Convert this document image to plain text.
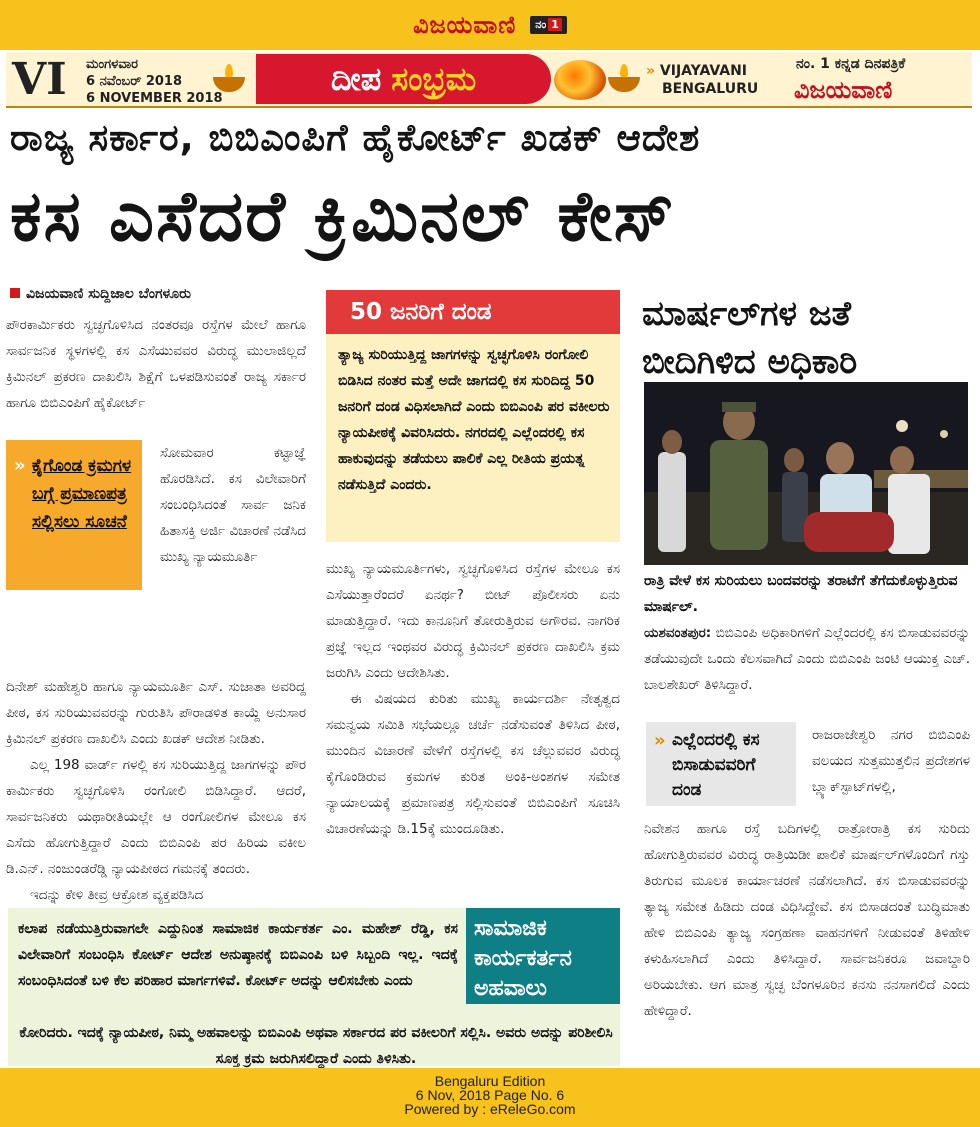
ವಿಜಯವಾಣಿ	ನಂ 1
VI ಮಂಗಳವಾರ
6 ನವೆಂಬರ್ 2018
6 NOVEMBER 2018
ದೀಪ ಸಂಭ್ರಮ	» VIJAYAVANI
BENGALURU
ನಂ. 1 ಕನ್ನಡ ದಿನಪತ್ರಿಕೆ
ವಿಜಯವಾಣಿ
ರಾಜ್ಯ ಸರ್ಕಾರ, ಬಿಬಿಎಂಪಿಗೆ ಹೈಕೋರ್ಟ್ ಖಡಕ್ ಆದೇಶ
ಕಸ ಎಸೆದರೆ ಕ್ರಿಮಿನಲ್ ಕೇಸ್
ವಿಜಯವಾಣಿ ಸುದ್ದಿಜಾಲ ಬೆಂಗಳೂರು
ಪೌರಕಾರ್ಮಿಕರು ಸ್ವಚ್ಛಗೊಳಿಸಿದ ನಂತರವೂ ರಸ್ತೆಗಳ ಮೇಲೆ ಹಾಗೂ ಸಾರ್ವಜನಿಕ ಸ್ಥಳಗಳಲ್ಲಿ ಕಸ ಎಸೆಯುವವರ ವಿರುದ್ಧ ಮುಲಾಜಿಲ್ಲದೆ ಕ್ರಿಮಿನಲ್ ಪ್ರಕರಣ ದಾಖಲಿಸಿ ಶಿಕ್ಷೆಗೆ ಒಳಪಡಿಸುವಂತೆ ರಾಜ್ಯ ಸರ್ಕಾರ ಹಾಗೂ ಬಿಬಿಎಂಪಿಗೆ ಹೈಕೋರ್ಟ್
» ಕೈಗೊಂಡ ಕ್ರಮಗಳ ಬಗ್ಗೆ ಪ್ರಮಾಣಪತ್ರ ಸಲ್ಲಿಸಲು ಸೂಚನೆ
ಸೋಮವಾರ ಕಟ್ಟಾಜ್ಞೆ ಹೊರಡಿಸಿದೆ. ಕಸ ವಿಲೇವಾರಿಗೆ ಸಂಬಂಧಿಸಿದಂತೆ ಸಾರ್ವ ಜನಿಕ ಹಿತಾಸಕ್ತಿ ಅರ್ಜಿ ವಿಚಾರಣೆ ನಡೆಸಿದ ಮುಖ್ಯ ನ್ಯಾಯಮೂರ್ತಿ
ದಿನೇಶ್ ಮಹೇಶ್ವರಿ ಹಾಗೂ ನ್ಯಾಯಮೂರ್ತಿ ಎಸ್. ಸುಜಾತಾ ಅವರಿದ್ದ ಪೀಠ, ಕಸ ಸುರಿಯುವವರನ್ನು ಗುರುತಿಸಿ ಪೌರಾಡಳಿತ ಕಾಯ್ದೆ ಅನುಸಾರ ಕ್ರಿಮಿನಲ್ ಪ್ರಕರಣ ದಾಖಲಿಸಿ ಎಂದು ಖಡಕ್ ಆದೇಶ ನೀಡಿತು.
ಎಲ್ಲ 198 ವಾರ್ಡ್ ಗಳಲ್ಲಿ ಕಸ ಸುರಿಯುತ್ತಿದ್ದ ಜಾಗಗಳನ್ನು ಪೌರ ಕಾರ್ಮಿಕರು ಸ್ವಚ್ಛಗೊಳಿಸಿ ರಂಗೋಲಿ ಬಿಡಿಸಿದ್ದಾರೆ. ಆದರೆ, ಸಾರ್ವಜನಿಕರು ಯಥಾರೀತಿಯಲ್ಲೇ ಆ ರಂಗೋಲಿಗಳ ಮೇಲೂ ಕಸ ಎಸೆದು ಹೋಗುತ್ತಿದ್ದಾರೆ ಎಂದು ಬಿಬಿಎಂಪಿ ಪರ ಹಿರಿಯ ವಕೀಲ ಡಿ.ಎನ್. ನಂಜುಂಡರೆಡ್ಡಿ ನ್ಯಾಯಪೀಠದ ಗಮನಕ್ಕೆ ತಂದರು.
ಇದನ್ನು ಕೇಳಿ ತೀವ್ರ ಆಕ್ರೋಶ ವ್ಯಕ್ತಪಡಿಸಿದ
50 ಜನರಿಗೆ ದಂಡ
ತ್ಯಾಜ್ಯ ಸುರಿಯುತ್ತಿದ್ದ ಜಾಗಗಳನ್ನು ಸ್ವಚ್ಛಗೊಳಿಸಿ ರಂಗೋಲಿ ಬಿಡಿಸಿದ ನಂತರ ಮತ್ತೆ ಅದೇ ಜಾಗದಲ್ಲಿ ಕಸ ಸುರಿದಿದ್ದ 50 ಜನರಿಗೆ ದಂಡ ವಿಧಿಸಲಾಗಿದೆ ಎಂದು ಬಿಬಿಎಂಪಿ ಪರ ವಕೀಲರು ನ್ಯಾಯಪೀಠಕ್ಕೆ ವಿವರಿಸಿದರು. ನಗರದಲ್ಲಿ ಎಲ್ಲೆಂದರಲ್ಲಿ ಕಸ ಹಾಕುವುದನ್ನು ತಡೆಯಲು ಪಾಲಿಕೆ ಎಲ್ಲ ರೀತಿಯ ಪ್ರಯತ್ನ ನಡೆಸುತ್ತಿದೆ ಎಂದರು.
ಮುಖ್ಯ ನ್ಯಾಯಮೂರ್ತಿಗಳು, ಸ್ವಚ್ಛಗೊಳಿಸಿದ ರಸ್ತೆಗಳ ಮೇಲೂ ಕಸ ಎಸೆಯುತ್ತಾರೆಂದರೆ ಏನರ್ಥ? ಬೀಟ್ ಪೊಲೀಸರು ಏನು ಮಾಡುತ್ತಿದ್ದಾರೆ. ಇದು ಕಾನೂನಿಗೆ ತೋರುತ್ತಿರುವ ಅಗೌರವ. ನಾಗರಿಕ ಪ್ರಜ್ಞೆ ಇಲ್ಲದ ಇಂಥವರ ವಿರುದ್ಧ ಕ್ರಿಮಿನಲ್ ಪ್ರಕರಣ ದಾಖಲಿಸಿ ಕ್ರಮ ಜರುಗಿಸಿ ಎಂದು ಆದೇಶಿಸಿತು.
ಈ ವಿಷಯದ ಕುರಿತು ಮುಖ್ಯ ಕಾರ್ಯದರ್ಶಿ ನೇತೃತ್ವದ ಸಮನ್ವಯ ಸಮಿತಿ ಸಭೆಯಲ್ಲೂ ಚರ್ಚೆ ನಡೆಸುವಂತೆ ತಿಳಿಸಿದ ಪೀಠ, ಮುಂದಿನ ವಿಚಾರಣೆ ವೇಳೆಗೆ ರಸ್ತೆಗಳಲ್ಲಿ ಕಸ ಚೆಲ್ಲುವವರ ವಿರುದ್ಧ ಕೈಗೊಂಡಿರುವ ಕ್ರಮಗಳ ಕುರಿತ ಅಂಕಿ-ಅಂಶಗಳ ಸಮೇತ ನ್ಯಾಯಾಲಯಕ್ಕೆ ಪ್ರಮಾಣಪತ್ರ ಸಲ್ಲಿಸುವಂತೆ ಬಿಬಿಎಂಪಿಗೆ ಸೂಚಿಸಿ ವಿಚಾರಣೆಯನ್ನು ಡಿ.15ಕ್ಕೆ ಮುಂದೂಡಿತು.
ಮಾರ್ಷಲ್‌ಗಳ ಜತೆ ಬೀದಿಗಿಳಿದ ಅಧಿಕಾರಿ
ರಾತ್ರಿ ವೇಳೆ ಕಸ ಸುರಿಯಲು ಬಂದವರನ್ನು ತರಾಟೆಗೆ ತೆಗೆದುಕೊಳ್ಳುತ್ತಿರುವ ಮಾರ್ಷಲ್.
ಯಶವಂತಪುರ: ಬಿಬಿಎಂಪಿ ಅಧಿಕಾರಿಗಳಿಗೆ ಎಲ್ಲೆಂದರಲ್ಲಿ ಕಸ ಬಿಸಾಡುವವರನ್ನು ತಡೆಯುವುದೇ ಒಂದು ಕೆಲಸವಾಗಿದೆ ಎಂದು ಬಿಬಿಎಂಪಿ ಜಂಟಿ ಆಯುಕ್ತ ಎಚ್. ಬಾಲಶೇಖರ್ ತಿಳಿಸಿದ್ದಾರೆ.
» ಎಲ್ಲೆಂದರಲ್ಲಿ ಕಸ ಬಿಸಾಡುವವರಿಗೆ ದಂಡ
ರಾಜರಾಜೇಶ್ವರಿ ನಗರ ಬಿಬಿಎಂಪಿ ವಲಯದ ಸುತ್ತಮುತ್ತಲಿನ ಪ್ರದೇಶಗಳ ಬ್ಲ್ಯಾಕ್‌ಸ್ಪಾಟ್‌ಗಳಲ್ಲಿ,
ನಿವೇಶನ ಹಾಗೂ ರಸ್ತೆ ಬದಿಗಳಲ್ಲಿ ರಾತ್ರೋರಾತ್ರಿ ಕಸ ಸುರಿದು ಹೋಗುತ್ತಿರುವವರ ವಿರುದ್ಧ ರಾತ್ರಿಯಿಡೀ ಪಾಲಿಕೆ ಮಾರ್ಷಲ್‌ಗಳೊಂದಿಗೆ ಗಸ್ತು ತಿರುಗುವ ಮೂಲಕ ಕಾರ್ಯಾಚರಣೆ ನಡೆಸಲಾಗಿದೆ. ಕಸ ಬಿಸಾಡುವವರನ್ನು ತ್ಯಾಜ್ಯ ಸಮೇತ ಹಿಡಿದು ದಂಡ ವಿಧಿಸಿದ್ದೇವೆ. ಕಸ ಬಿಸಾಡದಂತೆ ಬುದ್ಧಿಮಾತು ಹೇಳಿ ಬಿಬಿಎಂಪಿ ತ್ಯಾಜ್ಯ ಸಂಗ್ರಹಣಾ ವಾಹನಗಳಿಗೆ ನೀಡುವಂತೆ ತಿಳಿಹೇಳಿ ಕಳುಹಿಸಲಾಗಿದೆ ಎಂದು ತಿಳಿಸಿದ್ದಾರೆ. ಸಾರ್ವಜನಿಕರೂ ಜವಾಬ್ದಾರಿ ಅರಿಯಬೇಕು. ಆಗ ಮಾತ್ರ ಸ್ವಚ್ಛ ಬೆಂಗಳೂರಿನ ಕನಸು ನನಸಾಗಲಿದೆ ಎಂದು ಹೇಳಿದ್ದಾರೆ.
ಕಲಾಪ ನಡೆಯುತ್ತಿರುವಾಗಲೇ ಎದ್ದುನಿಂತ ಸಾಮಾಜಿಕ ಕಾರ್ಯಕರ್ತ ಎಂ. ಮಹೇಶ್ ರೆಡ್ಡಿ, ಕಸ ವಿಲೇವಾರಿಗೆ ಸಂಬಂಧಿಸಿ ಕೋರ್ಟ್ ಆದೇಶ ಅನುಷ್ಠಾನಕ್ಕೆ ಬಿಬಿಎಂಪಿ ಬಳಿ ಸಿಬ್ಬಂದಿ ಇಲ್ಲ. ಇದಕ್ಕೆ ಸಂಬಂಧಿಸಿದಂತೆ ಬಳಿ ಕೆಲ ಪರಿಹಾರ ಮಾರ್ಗಗಳಿವೆ. ಕೋರ್ಟ್ ಅದನ್ನು ಆಲಿಸಬೇಕು ಎಂದು
ಕೋರಿದರು. ಇದಕ್ಕೆ ನ್ಯಾಯಪೀಠ, ನಿಮ್ಮ ಅಹವಾಲನ್ನು ಬಿಬಿಎಂಪಿ ಅಥವಾ ಸರ್ಕಾರದ ಪರ ವಕೀಲರಿಗೆ ಸಲ್ಲಿಸಿ. ಅವರು ಅದನ್ನು ಪರಿಶೀಲಿಸಿ ಸೂಕ್ತ ಕ್ರಮ ಜರುಗಿಸಲಿದ್ದಾರೆ ಎಂದು ತಿಳಿಸಿತು.
ಸಾಮಾಜಿಕ ಕಾರ್ಯಕರ್ತನ ಅಹವಾಲು
Bengaluru Edition
6 Nov, 2018 Page No. 6
Powered by : eReleGo.com
